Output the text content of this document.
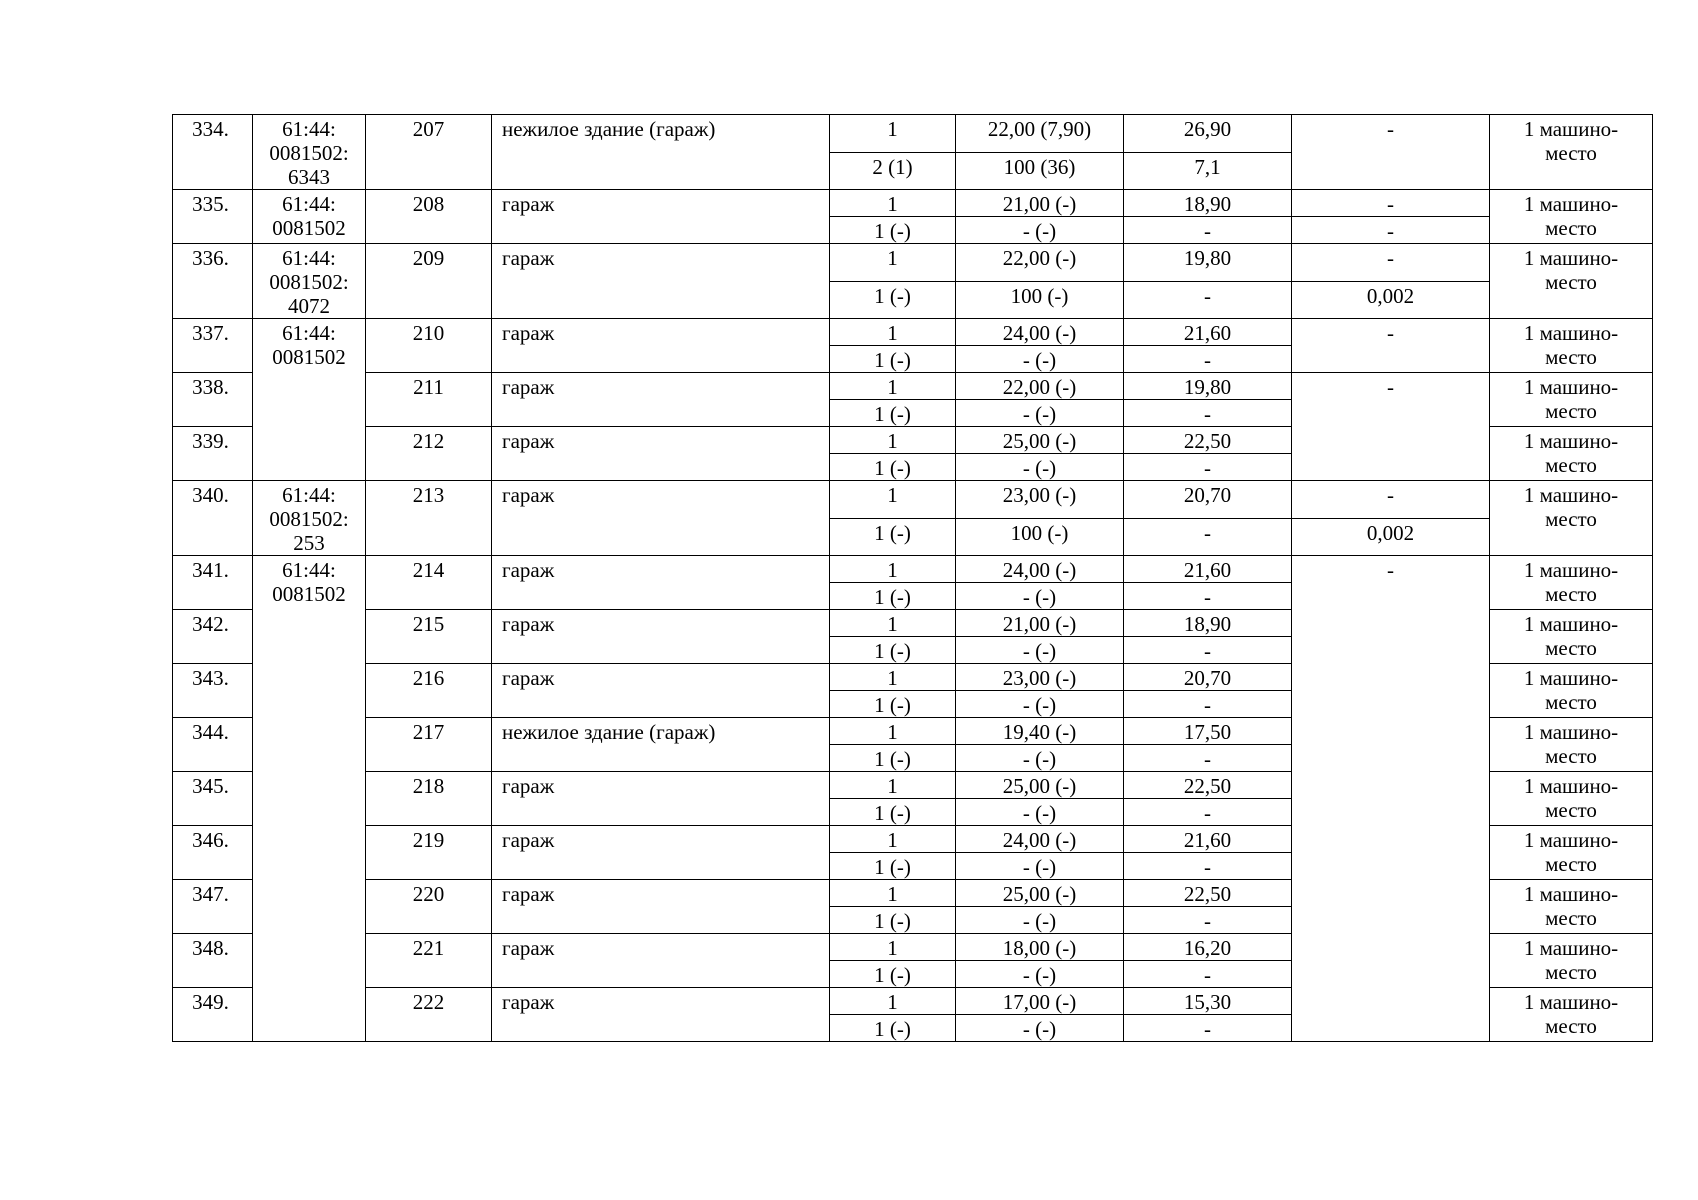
334.	61:44:
0081502:
6343	207	нежилое здание (гараж)	1	22,00 (7,90)	26,90	-	1 машино-
место
				2 (1)	100 (36)	7,1		
335.	61:44:
0081502	208	гараж	1	21,00 (-)	18,90	-	1 машино-
место
				1 (-)	- (-)	-	-	
336.	61:44:
0081502:
4072	209	гараж	1	22,00 (-)	19,80	-	1 машино-
место
				1 (-)	100 (-)	-	0,002	
337.	61:44:
0081502	210	гараж	1	24,00 (-)	21,60	-	1 машино-
место
				1 (-)	- (-)	-		
338.		211	гараж	1	22,00 (-)	19,80	-	1 машино-
место
				1 (-)	- (-)	-		
339.		212	гараж	1	25,00 (-)	22,50		1 машино-
место
				1 (-)	- (-)	-		
340.	61:44:
0081502:
253	213	гараж	1	23,00 (-)	20,70	-	1 машино-
место
				1 (-)	100 (-)	-	0,002	
341.	61:44:
0081502	214	гараж	1	24,00 (-)	21,60	-	1 машино-
место
				1 (-)	- (-)	-		
342.		215	гараж	1	21,00 (-)	18,90		1 машино-
место
				1 (-)	- (-)	-		
343.		216	гараж	1	23,00 (-)	20,70		1 машино-
место
				1 (-)	- (-)	-		
344.		217	нежилое здание (гараж)	1	19,40 (-)	17,50		1 машино-
место
				1 (-)	- (-)	-		
345.		218	гараж	1	25,00 (-)	22,50		1 машино-
место
				1 (-)	- (-)	-		
346.		219	гараж	1	24,00 (-)	21,60		1 машино-
место
				1 (-)	- (-)	-		
347.		220	гараж	1	25,00 (-)	22,50		1 машино-
место
				1 (-)	- (-)	-		
348.		221	гараж	1	18,00 (-)	16,20		1 машино-
место
				1 (-)	- (-)	-		
349.		222	гараж	1	17,00 (-)	15,30		1 машино-
место
				1 (-)	- (-)	-		
